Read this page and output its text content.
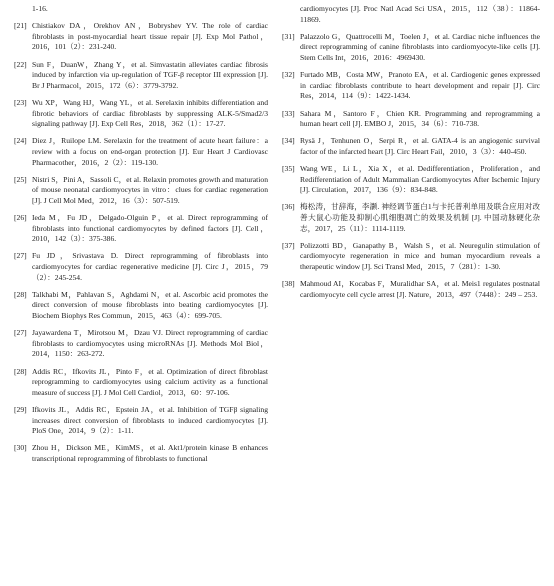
1-16.
[21] Chistiakov DA，Orekhov AN，Bobryshev YV. The role of cardiac fibroblasts in post-myocardial heart tissue repair [J]. Exp Mol Pathol，2016，101（2）：231-240.
[22] Sun F，DuanW，Zhang Y，et al. Simvastatin alleviates cardiac fibrosis induced by infarction via up-regulation of TGF-β receptor III expression [J]. Br J Pharmacol，2015，172（6）：3779-3792.
[23] Wu XP，Wang HJ，Wang YL，et al. Serelaxin inhibits differentiation and fibrotic behaviors of cardiac fibroblasts by suppressing ALK-5/Smad2/3 signaling pathway [J]. Exp Cell Res，2018，362（1）：17-27.
[24] Diez J，Ruilope LM. Serelaxin for the treatment of acute heart failure：a review with a focus on end-organ protection [J]. Eur Heart J Cardiovasc Pharmacother，2016，2（2）：119-130.
[25] Nistri S，Pini A，Sassoli C，et al. Relaxin promotes growth and maturation of mouse neonatal cardiomyocytes in vitro：clues for cardiac regeneration [J]. J Cell Mol Med，2012，16（3）：507-519.
[26] Ieda M，Fu JD，Delgado-Olguin P，et al. Direct reprogramming of fibroblasts into functional cardiomyocytes by defined factors [J]. Cell，2010，142（3）：375-386.
[27] Fu JD，Srivastava D. Direct reprogramming of fibroblasts into cardiomyocytes for cardiac regenerative medicine [J]. Circ J，2015，79（2）：245-254.
[28] Talkhabi M，Pahlavan S，Aghdami N，et al. Ascorbic acid promotes the direct conversion of mouse fibroblasts into beating cardiomyocytes [J]. Biochem Biophys Res Commun，2015，463（4）：699-705.
[27] Jayawardena T，Mirotsou M，Dzau VJ. Direct reprogramming of cardiac fibroblasts to cardiomyocytes using microRNAs [J]. Methods Mol Biol，2014，1150：263-272.
[28] Addis RC，Ifkovits JL，Pinto F，et al. Optimization of direct fibroblast reprogramming to cardiomyocytes using calcium activity as a functional measure of success [J]. J Mol Cell Cardiol，2013，60：97-106.
[29] Ifkovits JL，Addis RC，Epstein JA，et al. Inhibition of TGFβ signaling increases direct conversion of fibroblasts to induced cardiomyocytes [J]. PloS One，2014，9（2）：1-11.
[30] Zhou H，Dickson ME，KimMS，et al. Akt1/protein kinase B enhances transcriptional reprogramming of fibroblasts to functional
cardiomyocytes [J]. Proc Natl Acad Sci USA，2015，112（38）：11864-11869.
[31] Palazzolo G，Quattrocelli M，Toelen J，et al. Cardiac niche influences the direct reprogramming of canine fibroblasts into cardiomyocyte-like cells [J]. Stem Cells Int，2016，2016：4969430.
[32] Furtado MB，Costa MW，Pranoto EA，et al. Cardiogenic genes expressed in cardiac fibroblasts contribute to heart development and repair [J]. Circ Res，2014，114（9）：1422-1434.
[33] Sahara M，Santoro F，Chien KR. Programming and reprogramming a human heart cell [J]. EMBO J，2015，34（6）：710-738.
[34] Rysä J，Tenhunen O，Serpi R，et al. GATA-4 is an angiogenic survival factor of the infarcted heart [J]. Circ Heart Fail，2010，3（3）：440-450.
[35] Wang WE，Li L，Xia X，et al. Dedifferentiation，Proliferation，and Redifferentiation of Adult Mammalian Cardiomyocytes After Ischemic Injury [J]. Circulation，2017，136（9）：834-848.
[36] 梅松涛，甘辞海，李灏. 神经调节蛋白1与卡托普利单用及联合应用对改善大鼠心功能及抑制心肌细胞凋亡的效果及机制 [J]. 中国动脉硬化杂志，2017，25（11）：1114-1119.
[37] Polizzotti BD，Ganapathy B，Walsh S，et al. Neuregulin stimulation of cardiomyocyte regeneration in mice and human myocardium reveals a therapeutic window [J]. Sci Transl Med，2015，7（281）：1-30.
[38] Mahmoud AI，Kocabas F，Muralidhar SA，et al. Meis1 regulates postnatal cardiomyocyte cell cycle arrest [J]. Nature，2013，497（7448）：249 – 253.
